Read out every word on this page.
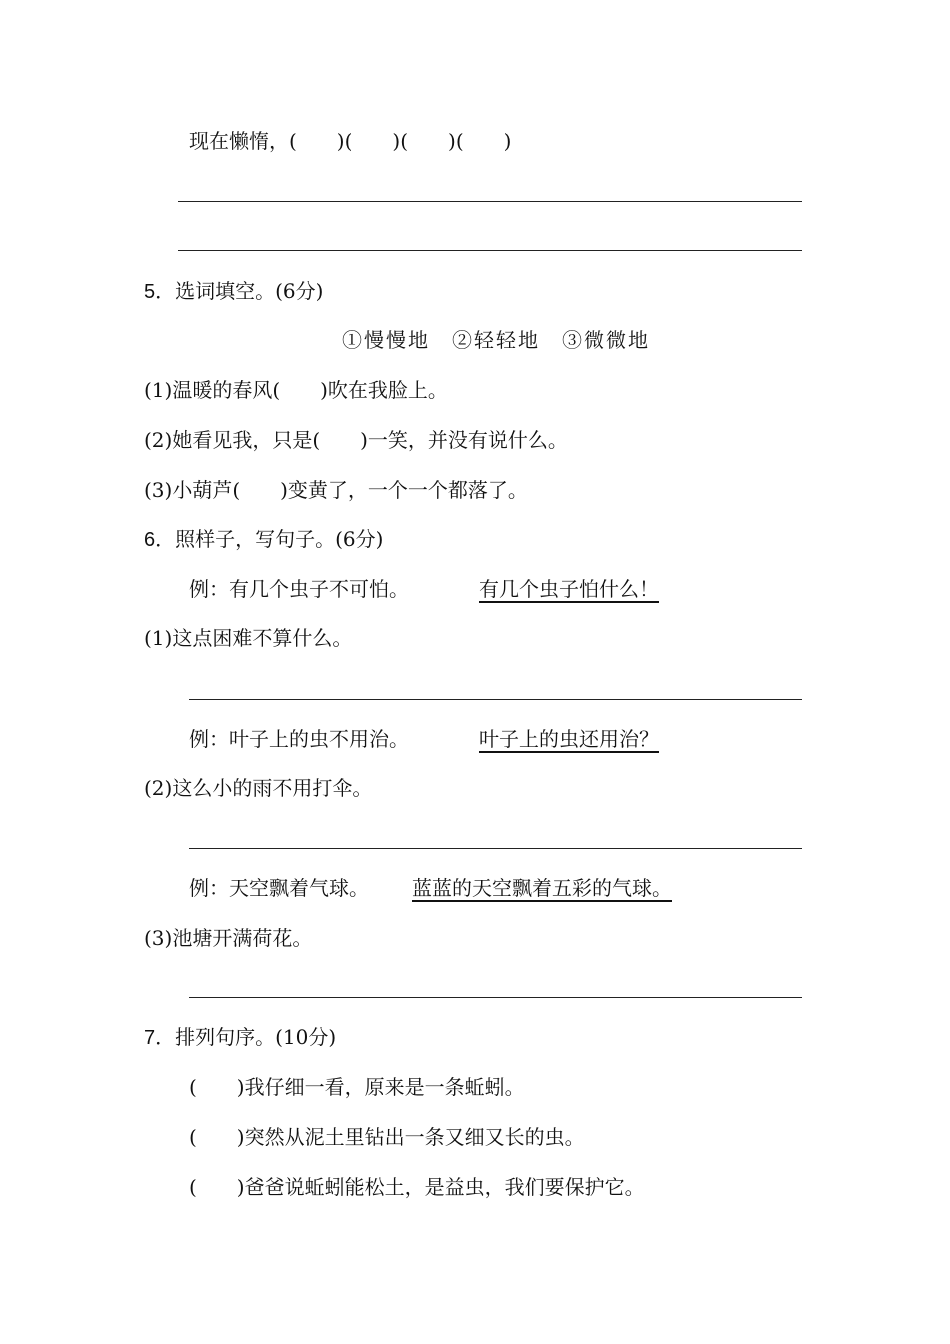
现在懒惰，(　　)(　　)(　　)(　　)
5．选词填空。(6分)
①慢慢地　②轻轻地　③微微地
(1)温暖的春风(　　)吹在我脸上。
(2)她看见我，只是(　　)一笑，并没有说什么。
(3)小葫芦(　　)变黄了，一个一个都落了。
6．照样子，写句子。(6分)
例：有几个虫子不可怕。	有几个虫子怕什么！
(1)这点困难不算什么。
例：叶子上的虫不用治。	叶子上的虫还用治？
(2)这么小的雨不用打伞。
例：天空飘着气球。 蓝蓝的天空飘着五彩的气球。
(3)池塘开满荷花。
7．排列句序。(10分)
(　　)我仔细一看，原来是一条蚯蚓。
(　　)突然从泥土里钻出一条又细又长的虫。
(　　)爸爸说蚯蚓能松土，是益虫，我们要保护它。
